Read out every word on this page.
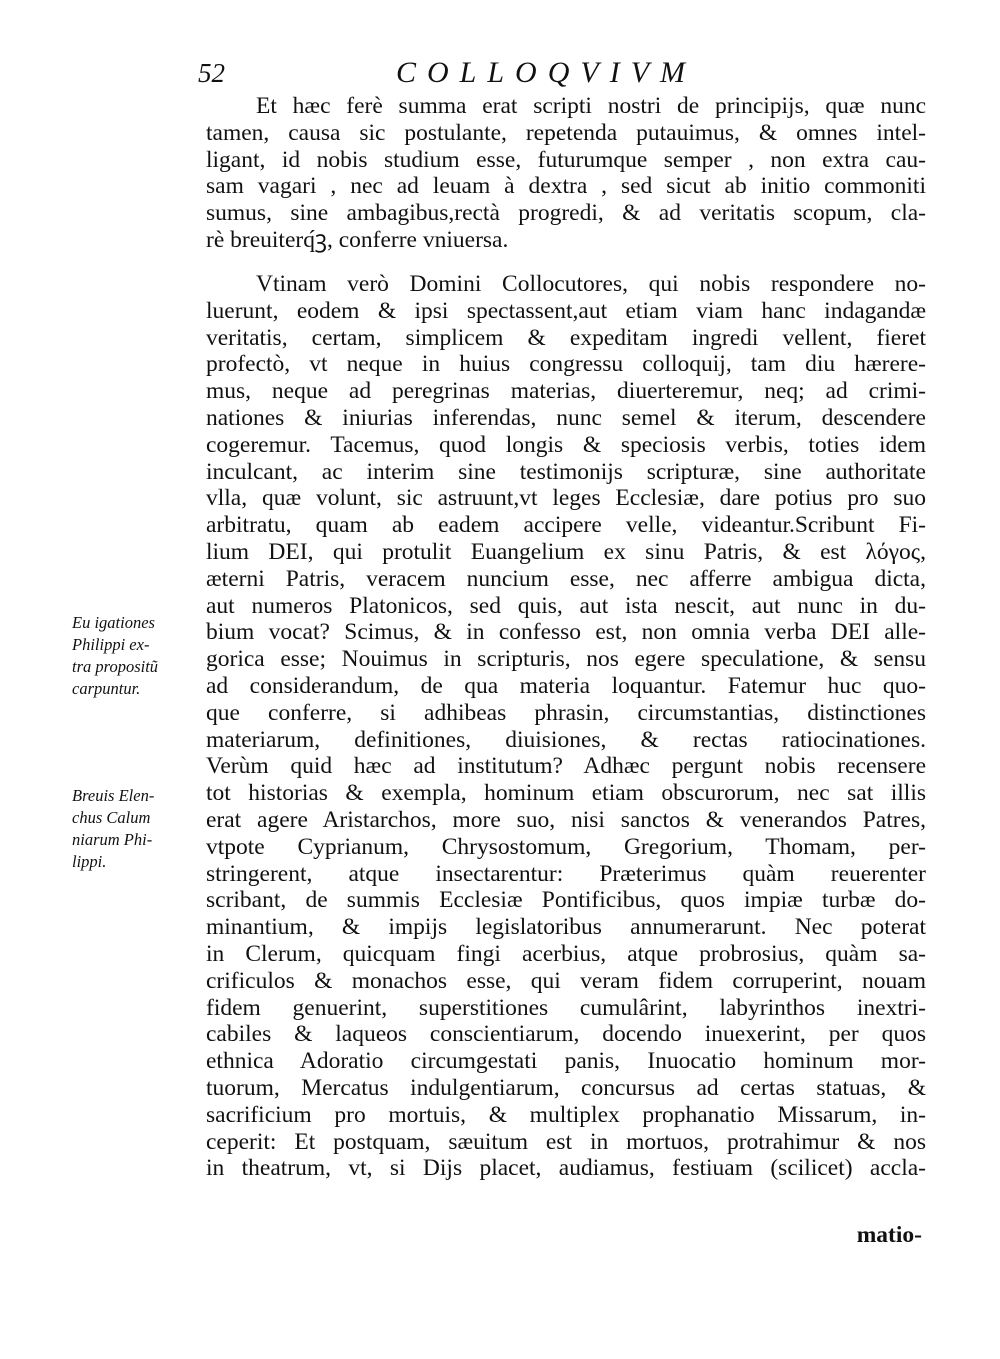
52	COLLOQVIVM
Et hæc ferè summa erat scripti nostri de principijs, quæ nunc
tamen, causa sic postulante, repetenda putauimus, & omnes intel-
ligant, id nobis studium esse, futurumque semper , non extra cau-
sam vagari , nec ad leuam à dextra , sed sicut ab initio commoniti
sumus, sine ambagibus,rectà progredi, & ad veritatis scopum, cla-
rè breuiterq́ꝫ, conferre vniuersa.
Vtinam verò Domini Collocutores, qui nobis respondere no-
luerunt, eodem & ipsi spectassent,aut etiam viam hanc indagandæ
veritatis, certam, simplicem & expeditam ingredi vellent, fieret
profectò, vt neque in huius congressu colloquij, tam diu hærere-
mus, neque ad peregrinas materias, diuerteremur, neq; ad crimi-
nationes & iniurias inferendas, nunc semel & iterum, descendere
cogeremur. Tacemus, quod longis & speciosis verbis, toties idem
inculcant, ac interim sine testimonijs scripturæ, sine authoritate
vlla, quæ volunt, sic astruunt,vt leges Ecclesiæ, dare potius pro suo
arbitratu, quam ab eadem accipere velle, videantur.Scribunt Fi-
lium DEI, qui protulit Euangelium ex sinu Patris, & est λόγος,
æterni Patris, veracem nuncium esse, nec afferre ambigua dicta,
aut numeros Platonicos, sed quis, aut ista nescit, aut nunc in du-
bium vocat? Scimus, & in confesso est, non omnia verba DEI alle-
gorica esse; Nouimus in scripturis, nos egere speculatione, & sensu
ad considerandum, de qua materia loquantur. Fatemur huc quo-
que conferre, si adhibeas phrasin, circumstantias, distinctiones
materiarum, definitiones, diuisiones, & rectas ratiocinationes.
Verùm quid hæc ad institutum? Adhæc pergunt nobis recensere
tot historias & exempla, hominum etiam obscurorum, nec sat illis
erat agere Aristarchos, more suo, nisi sanctos & venerandos Patres,
vtpote Cyprianum, Chrysostomum, Gregorium, Thomam, per-
stringerent, atque insectarentur: Præterimus quàm reuerenter
scribant, de summis Ecclesiæ Pontificibus, quos impiæ turbæ do-
minantium, & impijs legislatoribus annumerarunt. Nec poterat
in Clerum, quicquam fingi acerbius, atque probrosius, quàm sa-
crificulos & monachos esse, qui veram fidem corruperint, nouam
fidem genuerint, superstitiones cumulârint, labyrinthos inextri-
cabiles & laqueos conscientiarum, docendo inuexerint, per quos
ethnica Adoratio circumgestati panis, Inuocatio hominum mor-
tuorum, Mercatus indulgentiarum, concursus ad certas statuas, &
sacrificium pro mortuis, & multiplex prophanatio Missarum, in-
ceperit: Et postquam, sæuitum est in mortuos, protrahimur & nos
in theatrum, vt, si Dijs placet, audiamus, festiuam (scilicet) accla-
Eu igationes
Philippi ex-
tra propositũ
carpuntur.
Breuis Elen-
chus Calum
niarum Phi-
lippi.
matio-
